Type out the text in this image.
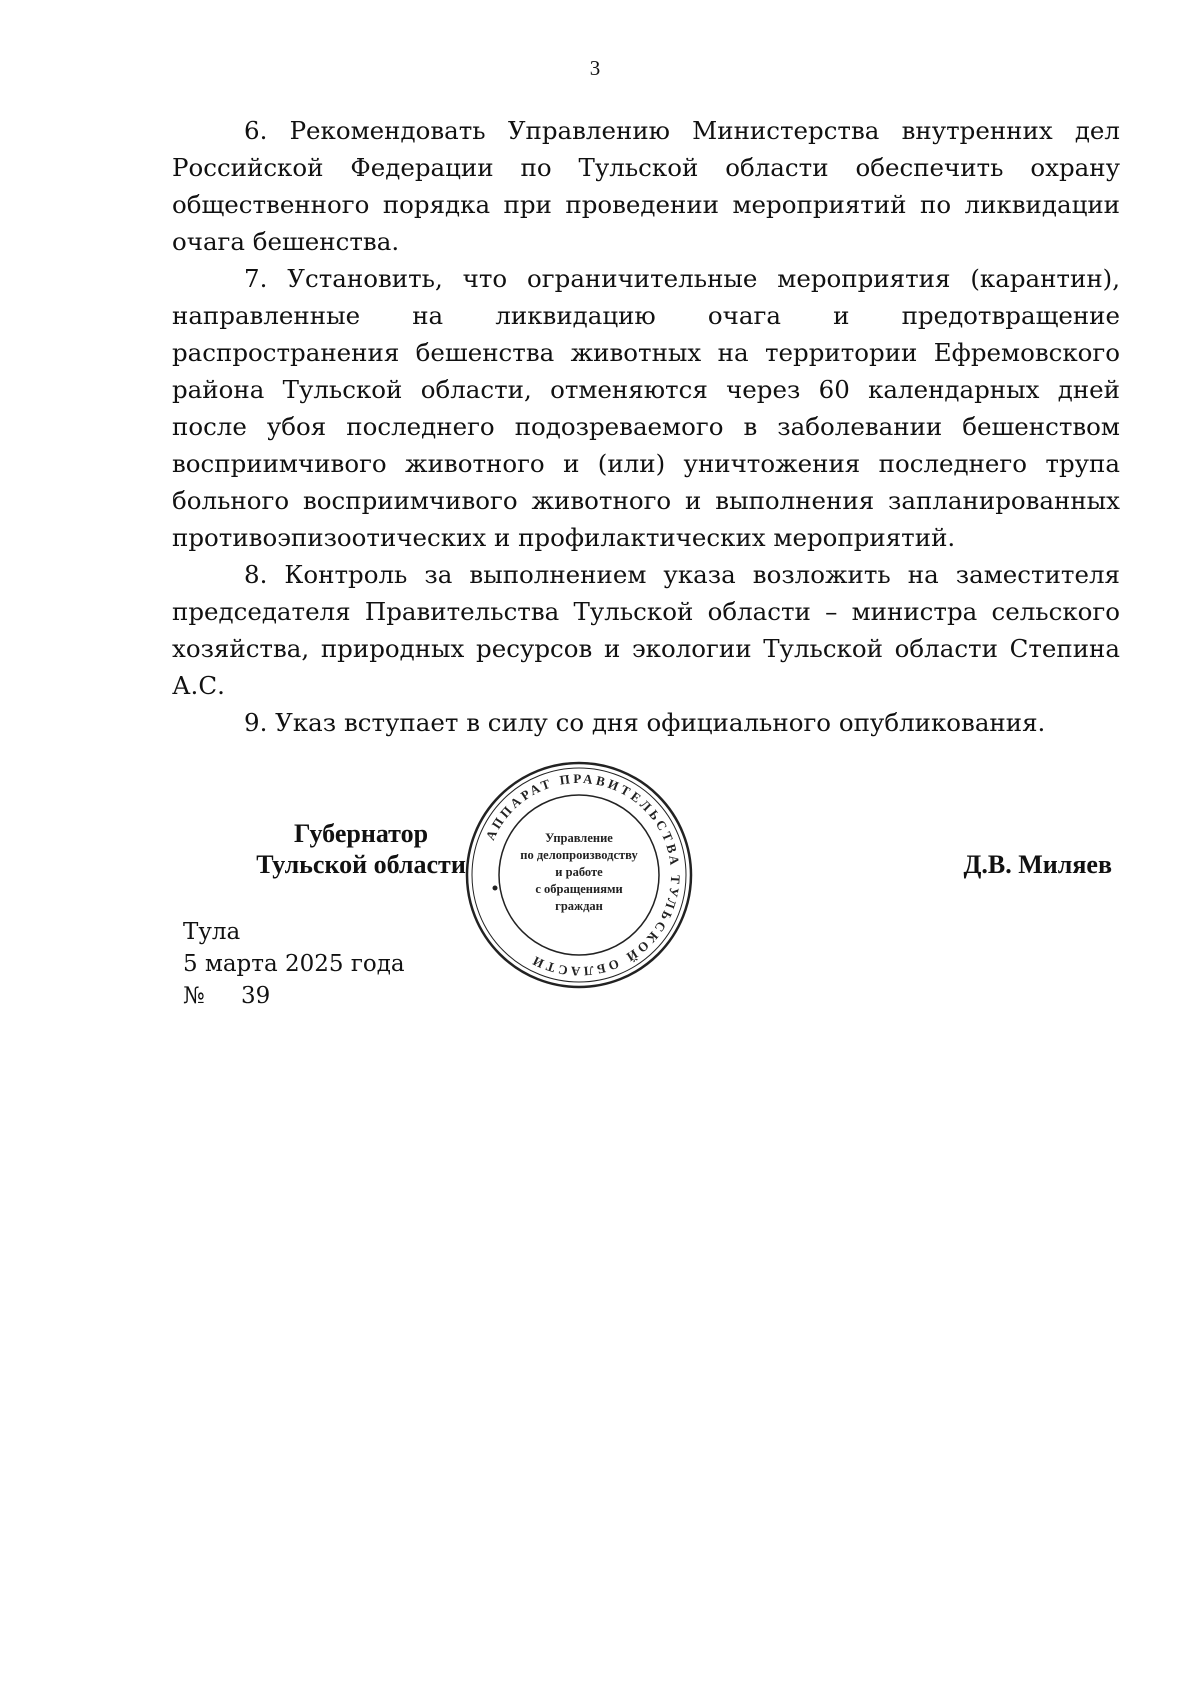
3

6. Рекомендовать Управлению Министерства внутренних дел Российской Федерации по Тульской области обеспечить охрану общественного порядка при проведении мероприятий по ликвидации очага бешенства.

7. Установить, что ограничительные мероприятия (карантин), направленные на ликвидацию очага и предотвращение распространения бешенства животных на территории Ефремовского района Тульской области, отменяются через 60 календарных дней после убоя последнего подозреваемого в заболевании бешенством восприимчивого животного и (или) уничтожения последнего трупа больного восприимчивого животного и выполнения запланированных противоэпизоотических и профилактических мероприятий.

8. Контроль за выполнением указа возложить на заместителя председателя Правительства Тульской области – министра сельского хозяйства, природных ресурсов и экологии Тульской области Степина А.С.

9. Указ вступает в силу со дня официального опубликования.

Губернатор
Тульской области
АППАРАТ ПРАВИТЕЛЬСТВА ТУЛЬСКОЙ ОБЛАСТИ
Управление
по делопроизводству
и работе
с обращениями
граждан
Д.В. Миляев
Тула
5 марта 2025 года
№ 39
